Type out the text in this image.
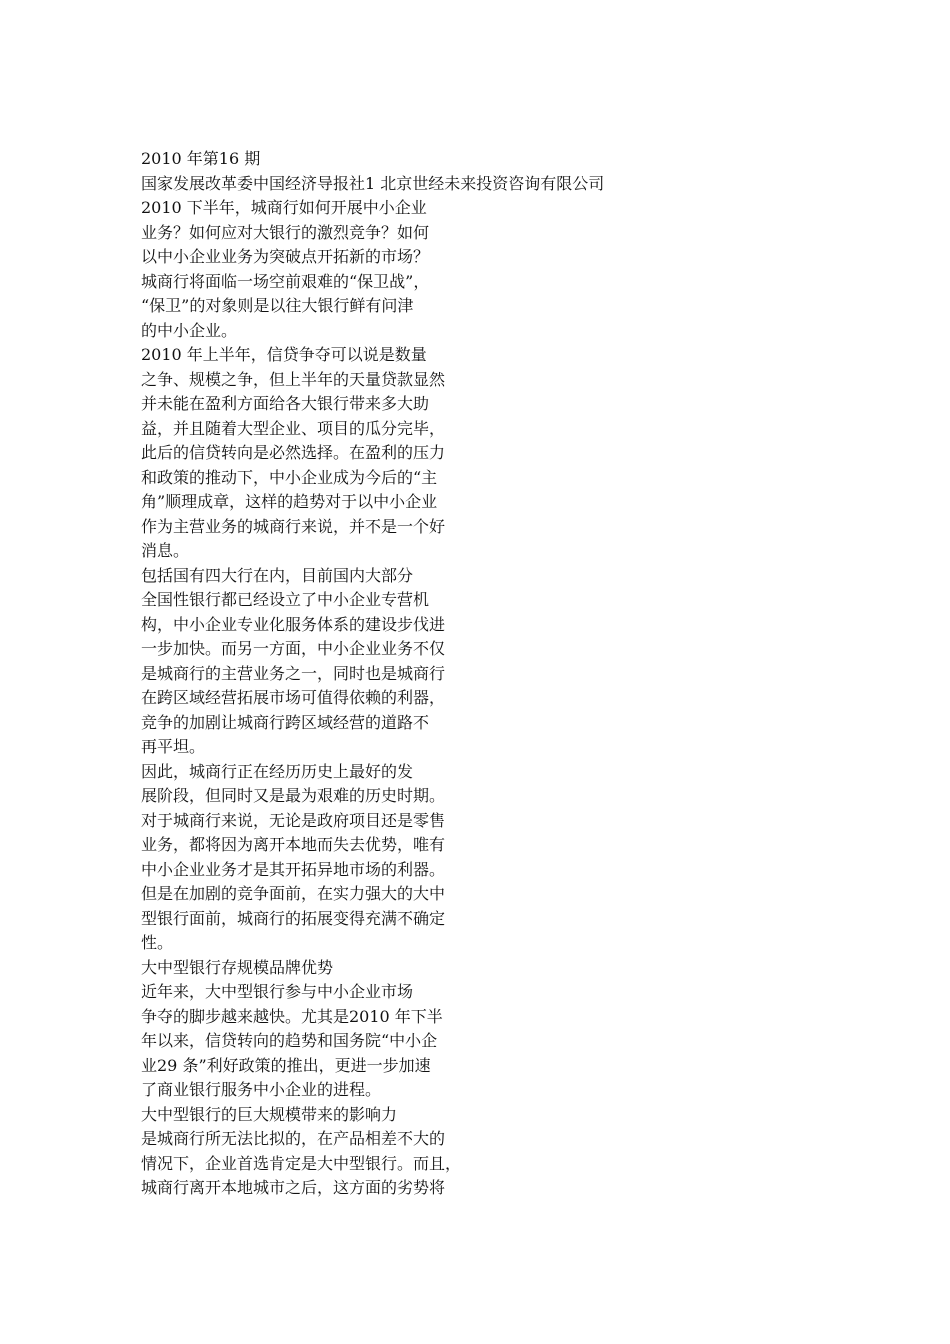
2010 年第16 期
国家发展改革委中国经济导报社1 北京世经未来投资咨询有限公司
2010 下半年，城商行如何开展中小企业
业务？如何应对大银行的激烈竞争？如何
以中小企业业务为突破点开拓新的市场？
城商行将面临一场空前艰难的“保卫战”，
“保卫”的对象则是以往大银行鲜有问津
的中小企业。
2010 年上半年，信贷争夺可以说是数量
之争、规模之争，但上半年的天量贷款显然
并未能在盈利方面给各大银行带来多大助
益，并且随着大型企业、项目的瓜分完毕，
此后的信贷转向是必然选择。在盈利的压力
和政策的推动下，中小企业成为今后的“主
角”顺理成章，这样的趋势对于以中小企业
作为主营业务的城商行来说，并不是一个好
消息。
包括国有四大行在内，目前国内大部分
全国性银行都已经设立了中小企业专营机
构，中小企业专业化服务体系的建设步伐进
一步加快。而另一方面，中小企业业务不仅
是城商行的主营业务之一，同时也是城商行
在跨区域经营拓展市场可值得依赖的利器，
竞争的加剧让城商行跨区域经营的道路不
再平坦。
因此，城商行正在经历历史上最好的发
展阶段，但同时又是最为艰难的历史时期。
对于城商行来说，无论是政府项目还是零售
业务，都将因为离开本地而失去优势，唯有
中小企业业务才是其开拓异地市场的利器。
但是在加剧的竞争面前，在实力强大的大中
型银行面前，城商行的拓展变得充满不确定
性。
大中型银行存规模品牌优势
近年来，大中型银行参与中小企业市场
争夺的脚步越来越快。尤其是2010 年下半
年以来，信贷转向的趋势和国务院“中小企
业29 条”利好政策的推出，更进一步加速
了商业银行服务中小企业的进程。
大中型银行的巨大规模带来的影响力
是城商行所无法比拟的，在产品相差不大的
情况下，企业首选肯定是大中型银行。而且，
城商行离开本地城市之后，这方面的劣势将
